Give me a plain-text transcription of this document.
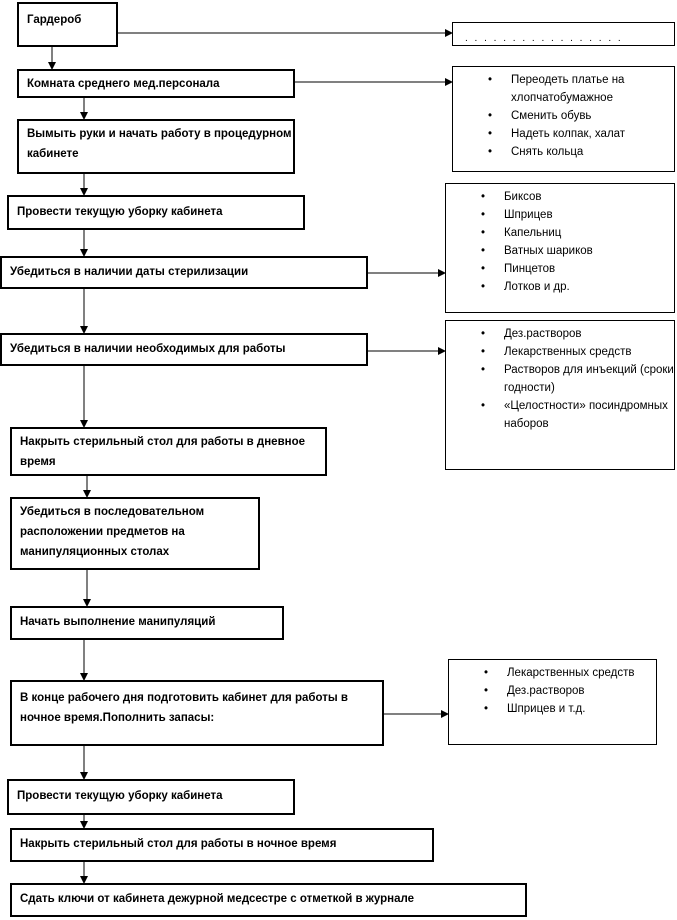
Гардероб
Комната среднего мед.персонала
Вымыть руки и начать работу в процедурном кабинете
Провести текущую уборку кабинета
Убедиться в наличии даты стерилизации
Убедиться в наличии необходимых для работы
Накрыть стерильный стол для работы в дневное время
Убедиться в последовательном расположении предметов на манипуляционных столах
Начать выполнение манипуляций
В конце рабочего дня подготовить кабинет для работы в ночное время.Пополнить запасы:
Провести текущую уборку кабинета
Накрыть стерильный стол для работы в ночное время
Сдать ключи от кабинета дежурной медсестре с отметкой в журнале
. . . . . . . . . . . . . . . . .
• Переодеть платье на хлопчатобумажное
• Сменить обувь
• Надеть колпак, халат
• Снять кольца
• Биксов
• Шприцев
• Капельниц
• Ватных шариков
• Пинцетов
• Лотков и др.
• Дез.растворов
• Лекарственных средств
• Растворов для инъекций (сроки годности)
• «Целостности» посиндромных наборов
• Лекарственных средств
• Дез.растворов
• Шприцев и т.д.
